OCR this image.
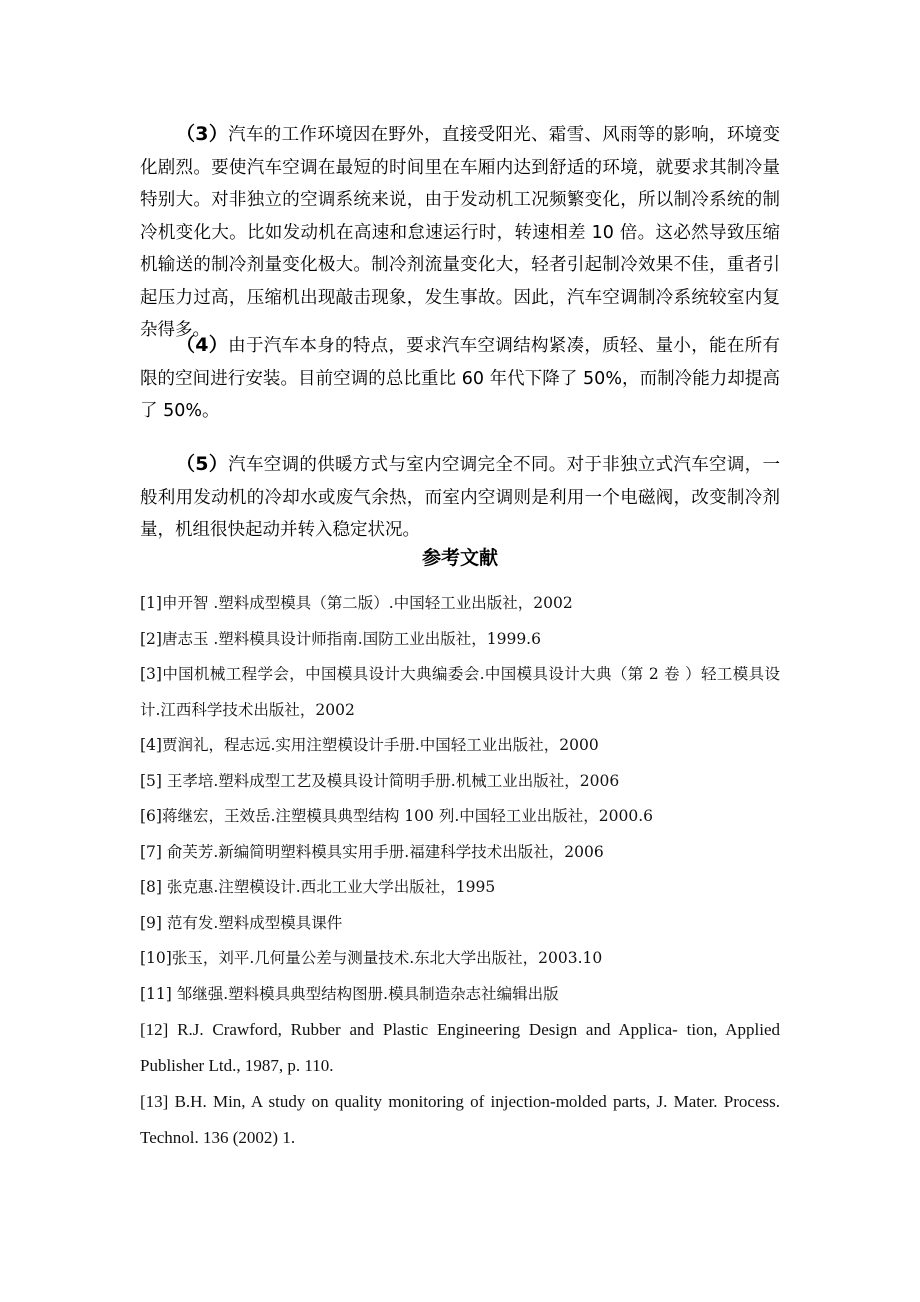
（3）汽车的工作环境因在野外，直接受阳光、霜雪、风雨等的影响，环境变化剧烈。要使汽车空调在最短的时间里在车厢内达到舒适的环境，就要求其制冷量特别大。对非独立的空调系统来说，由于发动机工况频繁变化，所以制冷系统的制冷机变化大。比如发动机在高速和怠速运行时，转速相差 10 倍。这必然导致压缩机输送的制冷剂量变化极大。制冷剂流量变化大，轻者引起制冷效果不佳，重者引起压力过高，压缩机出现敲击现象，发生事故。因此，汽车空调制冷系统较室内复杂得多。
（4）由于汽车本身的特点，要求汽车空调结构紧凑，质轻、量小，能在所有限的空间进行安装。目前空调的总比重比 60 年代下降了 50%，而制冷能力却提高了 50%。
（5）汽车空调的供暖方式与室内空调完全不同。对于非独立式汽车空调，一般利用发动机的冷却水或废气余热，而室内空调则是利用一个电磁阀，改变制冷剂量，机组很快起动并转入稳定状况。
参考文献
[1]申开智 .塑料成型模具（第二版）.中国轻工业出版社，2002
[2]唐志玉 .塑料模具设计师指南.国防工业出版社，1999.6
[3]中国机械工程学会，中国模具设计大典编委会.中国模具设计大典（第 2 卷 ）轻工模具设计.江西科学技术出版社，2002
[4]贾润礼，程志远.实用注塑模设计手册.中国轻工业出版社，2000
[5] 王孝培.塑料成型工艺及模具设计简明手册.机械工业出版社，2006
[6]蒋继宏，王效岳.注塑模具典型结构 100 列.中国轻工业出版社，2000.6
[7] 俞芙芳.新编简明塑料模具实用手册.福建科学技术出版社，2006
[8] 张克惠.注塑模设计.西北工业大学出版社，1995
[9] 范有发.塑料成型模具课件
[10]张玉，刘平.几何量公差与测量技术.东北大学出版社，2003.10
[11] 邹继强.塑料模具典型结构图册.模具制造杂志社编辑出版
[12] R.J. Crawford, Rubber and Plastic Engineering Design and Applica- tion, Applied Publisher Ltd., 1987, p. 110.
[13] B.H. Min, A study on quality monitoring of injection-molded parts, J. Mater. Process. Technol. 136 (2002) 1.
